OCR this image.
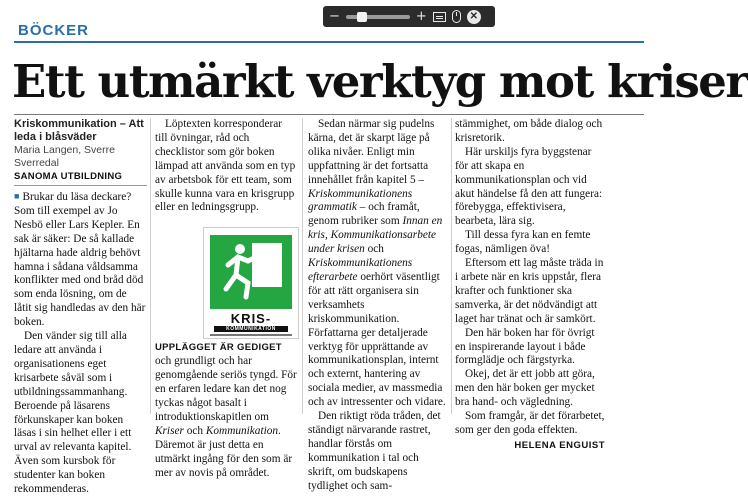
−	+	✕
BÖCKER
Ett utmärkt verktyg mot kriser
Kriskommunikation – Att leda i blåsväder
Maria Langen, Sverre Sverredal
SANOMA UTBILDNING

■ Brukar du läsa deckare? Som till exempel av Jo Nesbö eller Lars Kepler. En sak är säker: De så kallade hjältarna hade aldrig behövt hamna i sådana våldsamma konflikter med ond bråd död som enda lösning, om de låtit sig handledas av den här boken.

Den vänder sig till alla ledare att använda i organisationens eget krisarbete såväl som i utbildningssammanhang. Beroende på läsarens förkunskaper kan boken läsas i sin helhet eller i ett urval av relevanta kapitel. Även som kursbok för studenter kan boken rekommenderas.

Löptexten korresponderar till övningar, råd och checklistor som gör boken lämpad att använda som en typ av arbetsbok för ett team, som skulle kunna vara en krisgrupp eller en ledningsgrupp.

KRIS-
KOMMUNIKATION

UPPLÄGGET ÄR GEDIGET och grundligt och har genomgående seriös tyngd. För en erfaren ledare kan det nog tyckas något basalt i introduktionskapitlen om Kriser och Kommunikation. Däremot är just detta en utmärkt ingång för den som är mer av novis på området.

Sedan närmar sig pudelns kärna, det är skarpt läge på olika nivåer. Enligt min uppfattning är det fortsatta innehållet från kapitel 5 – Kriskommunikationens grammatik – och framåt, genom rubriker som Innan en kris, Kommunikationsarbete under krisen och Kriskommunikationens efterarbete oerhört väsentligt för att rätt organisera sin verksamhets kriskommunikation. Författarna ger detaljerade verktyg för upprättande av kommunikationsplan, internt och externt, hantering av sociala medier, av massmedia och av intressenter och vidare.

Den riktigt röda tråden, det ständigt närvarande rastret, handlar förstås om kommunikation i tal och skrift, om budskapens tydlighet och sam-

stämmighet, om både dialog och krisretorik.

Här urskiljs fyra byggstenar för att skapa en kommunikationsplan och vid akut händelse få den att fungera: förebygga, effektivisera, bearbeta, lära sig.

Till dessa fyra kan en femte fogas, nämligen öva!

Eftersom ett lag måste träda in i arbete när en kris uppstår, flera krafter och funktioner ska samverka, är det nödvändigt att laget har tränat och är samkört.

Den här boken har för övrigt en inspirerande layout i både formglädje och färgstyrka.

Okej, det är ett jobb att göra, men den här boken ger mycket bra hand- och vägledning.

Som framgår, är det förarbetet, som ger den goda effekten.

HELENA ENGUIST
